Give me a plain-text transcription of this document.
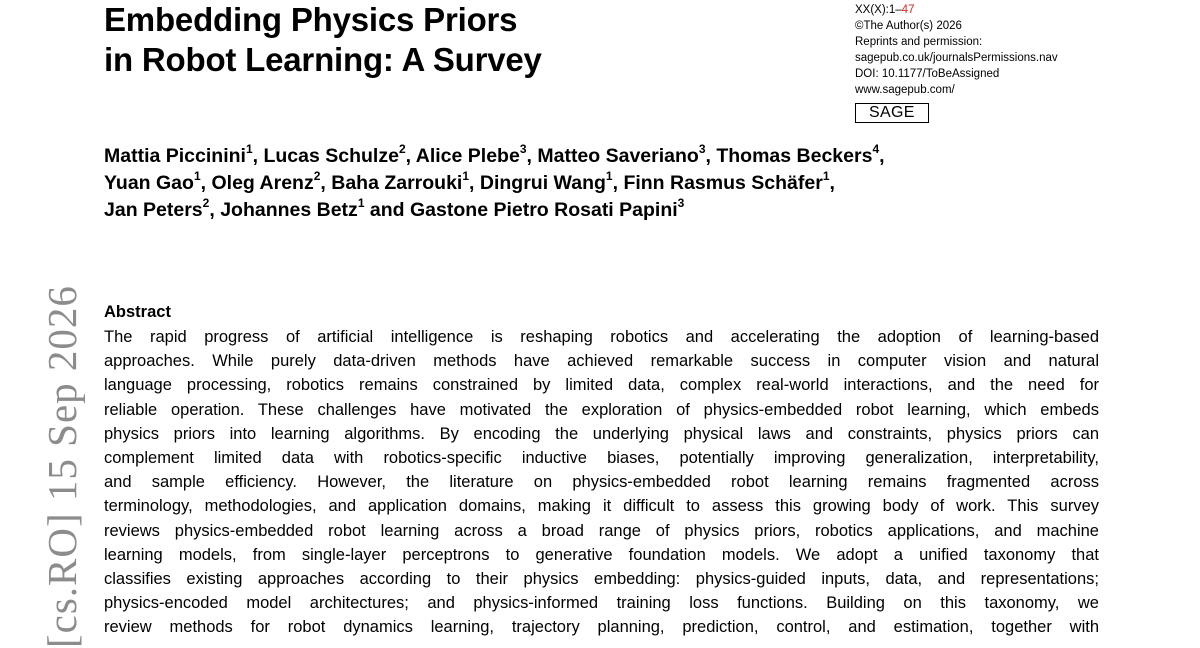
Embedding Physics Priors
in Robot Learning: A Survey
XX(X):1–47
©The Author(s) 2026
Reprints and permission:
sagepub.co.uk/journalsPermissions.nav
DOI: 10.1177/ToBeAssigned
www.sagepub.com/
SAGE
Mattia Piccinini$^1$, Lucas Schulze$^2$, Alice Plebe$^3$, Matteo Saveriano$^3$, Thomas Beckers$^4$,
Yuan Gao$^1$, Oleg Arenz$^2$, Baha Zarrouki$^1$, Dingrui Wang$^1$, Finn Rasmus Schäfer$^1$,
Jan Peters$^2$, Johannes Betz$^1$ and Gastone Pietro Rosati Papini$^3$
Abstract
The rapid progress of artificial intelligence is reshaping robotics and accelerating the adoption of learning-based
approaches. While purely data-driven methods have achieved remarkable success in computer vision and natural
language processing, robotics remains constrained by limited data, complex real-world interactions, and the need for
reliable operation. These challenges have motivated the exploration of physics-embedded robot learning, which embeds
physics priors into learning algorithms. By encoding the underlying physical laws and constraints, physics priors can
complement limited data with robotics-specific inductive biases, potentially improving generalization, interpretability,
and sample efficiency. However, the literature on physics-embedded robot learning remains fragmented across
terminology, methodologies, and application domains, making it difficult to assess this growing body of work. This survey
reviews physics-embedded robot learning across a broad range of physics priors, robotics applications, and machine
learning models, from single-layer perceptrons to generative foundation models. We adopt a unified taxonomy that
classifies existing approaches according to their physics embedding: physics-guided inputs, data, and representations;
physics-encoded model architectures; and physics-informed training loss functions. Building on this taxonomy, we
review methods for robot dynamics learning, trajectory planning, prediction, control, and estimation, together with
[cs.RO] 15 Sep 2026
